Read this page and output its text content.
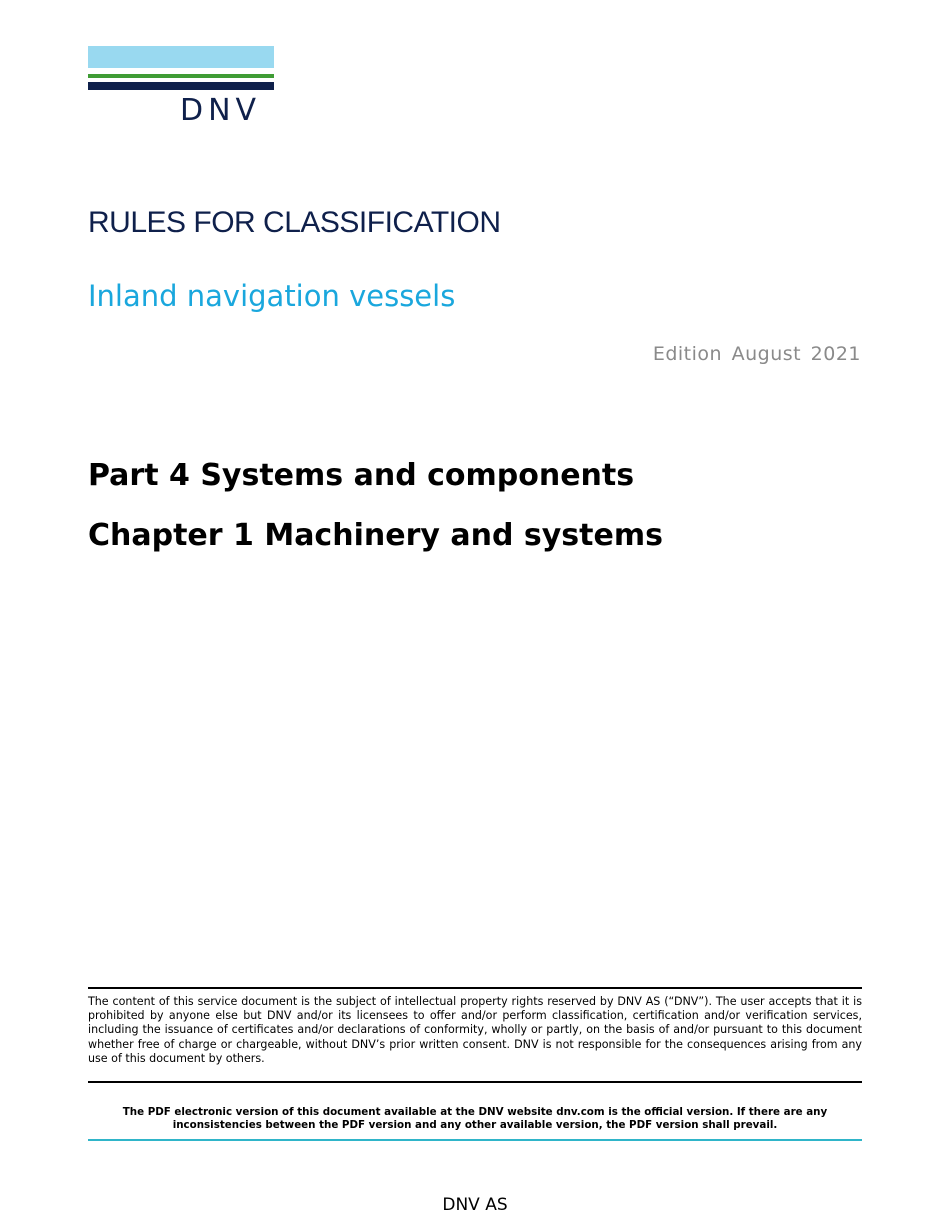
DNV
RULES FOR CLASSIFICATION
Inland navigation vessels
Edition August 2021
Part 4 Systems and components
Chapter 1 Machinery and systems

The content of this service document is the subject of intellectual property rights reserved by DNV AS (“DNV”). The user accepts that it is prohibited by anyone else but DNV and/or its licensees to offer and/or perform classification, certification and/or verification services, including the issuance of certificates and/or declarations of conformity, wholly or partly, on the basis of and/or pursuant to this document whether free of charge or chargeable, without DNV’s prior written consent. DNV is not responsible for the consequences arising from any use of this document by others.

The PDF electronic version of this document available at the DNV website dnv.com is the official version. If there are any inconsistencies between the PDF version and any other available version, the PDF version shall prevail.

DNV AS
